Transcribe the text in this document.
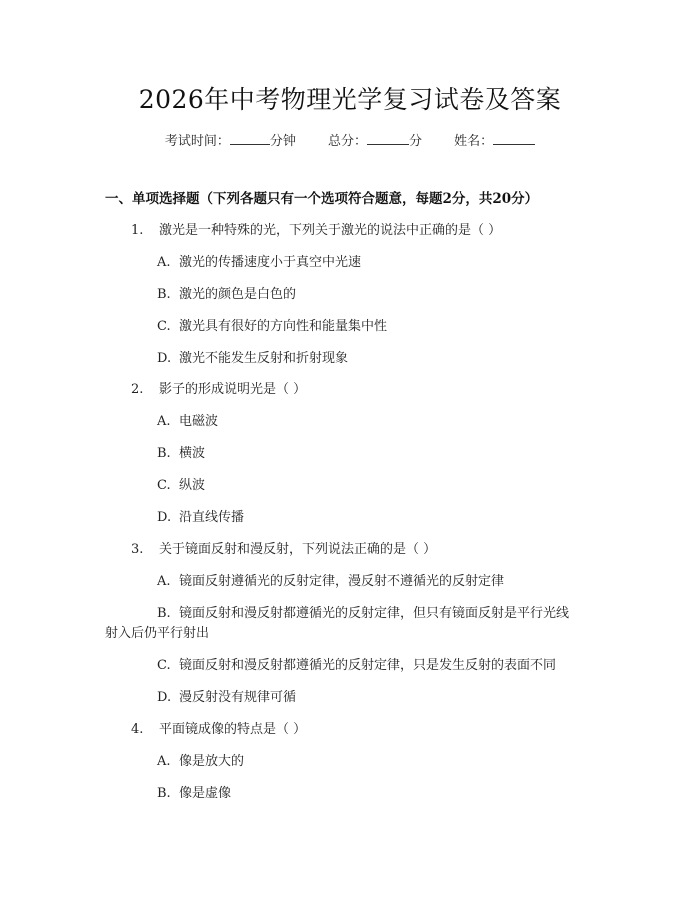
2026年中考物理光学复习试卷及答案
考试时间：	分钟 总分：	分 姓名：
一、单项选择题（下列各题只有一个选项符合题意，每题2分，共20分）
1. 激光是一种特殊的光，下列关于激光的说法中正确的是（ ）
A. 激光的传播速度小于真空中光速
B. 激光的颜色是白色的
C. 激光具有很好的方向性和能量集中性
D. 激光不能发生反射和折射现象
2. 影子的形成说明光是（ ）
A. 电磁波
B. 横波
C. 纵波
D. 沿直线传播
3. 关于镜面反射和漫反射，下列说法正确的是（ ）
A. 镜面反射遵循光的反射定律，漫反射不遵循光的反射定律
B. 镜面反射和漫反射都遵循光的反射定律，但只有镜面反射是平行光线
射入后仍平行射出
C. 镜面反射和漫反射都遵循光的反射定律，只是发生反射的表面不同
D. 漫反射没有规律可循
4. 平面镜成像的特点是（ ）
A. 像是放大的
B. 像是虚像
